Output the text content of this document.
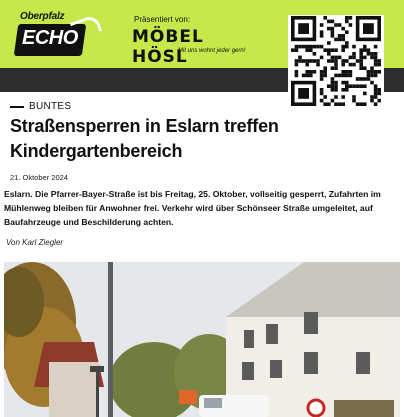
Oberpfalz
ECHO
Präsentiert von:
MÖBEL HÖSL
Mit uns wohnt jeder gern!
BUNTES
Straßensperren in Eslarn treffen Kindergartenbereich
21. Oktober 2024

Eslarn. Die Pfarrer-Bayer-Straße ist bis Freitag, 25. Oktober, vollseitig gesperrt, Zufahrten im Mühlenweg bleiben für Anwohner frei. Verkehr wird über Schönseer Straße umgeleitet, auf Baufahrzeuge und Beschilderung achten.

Von Karl Ziegler
